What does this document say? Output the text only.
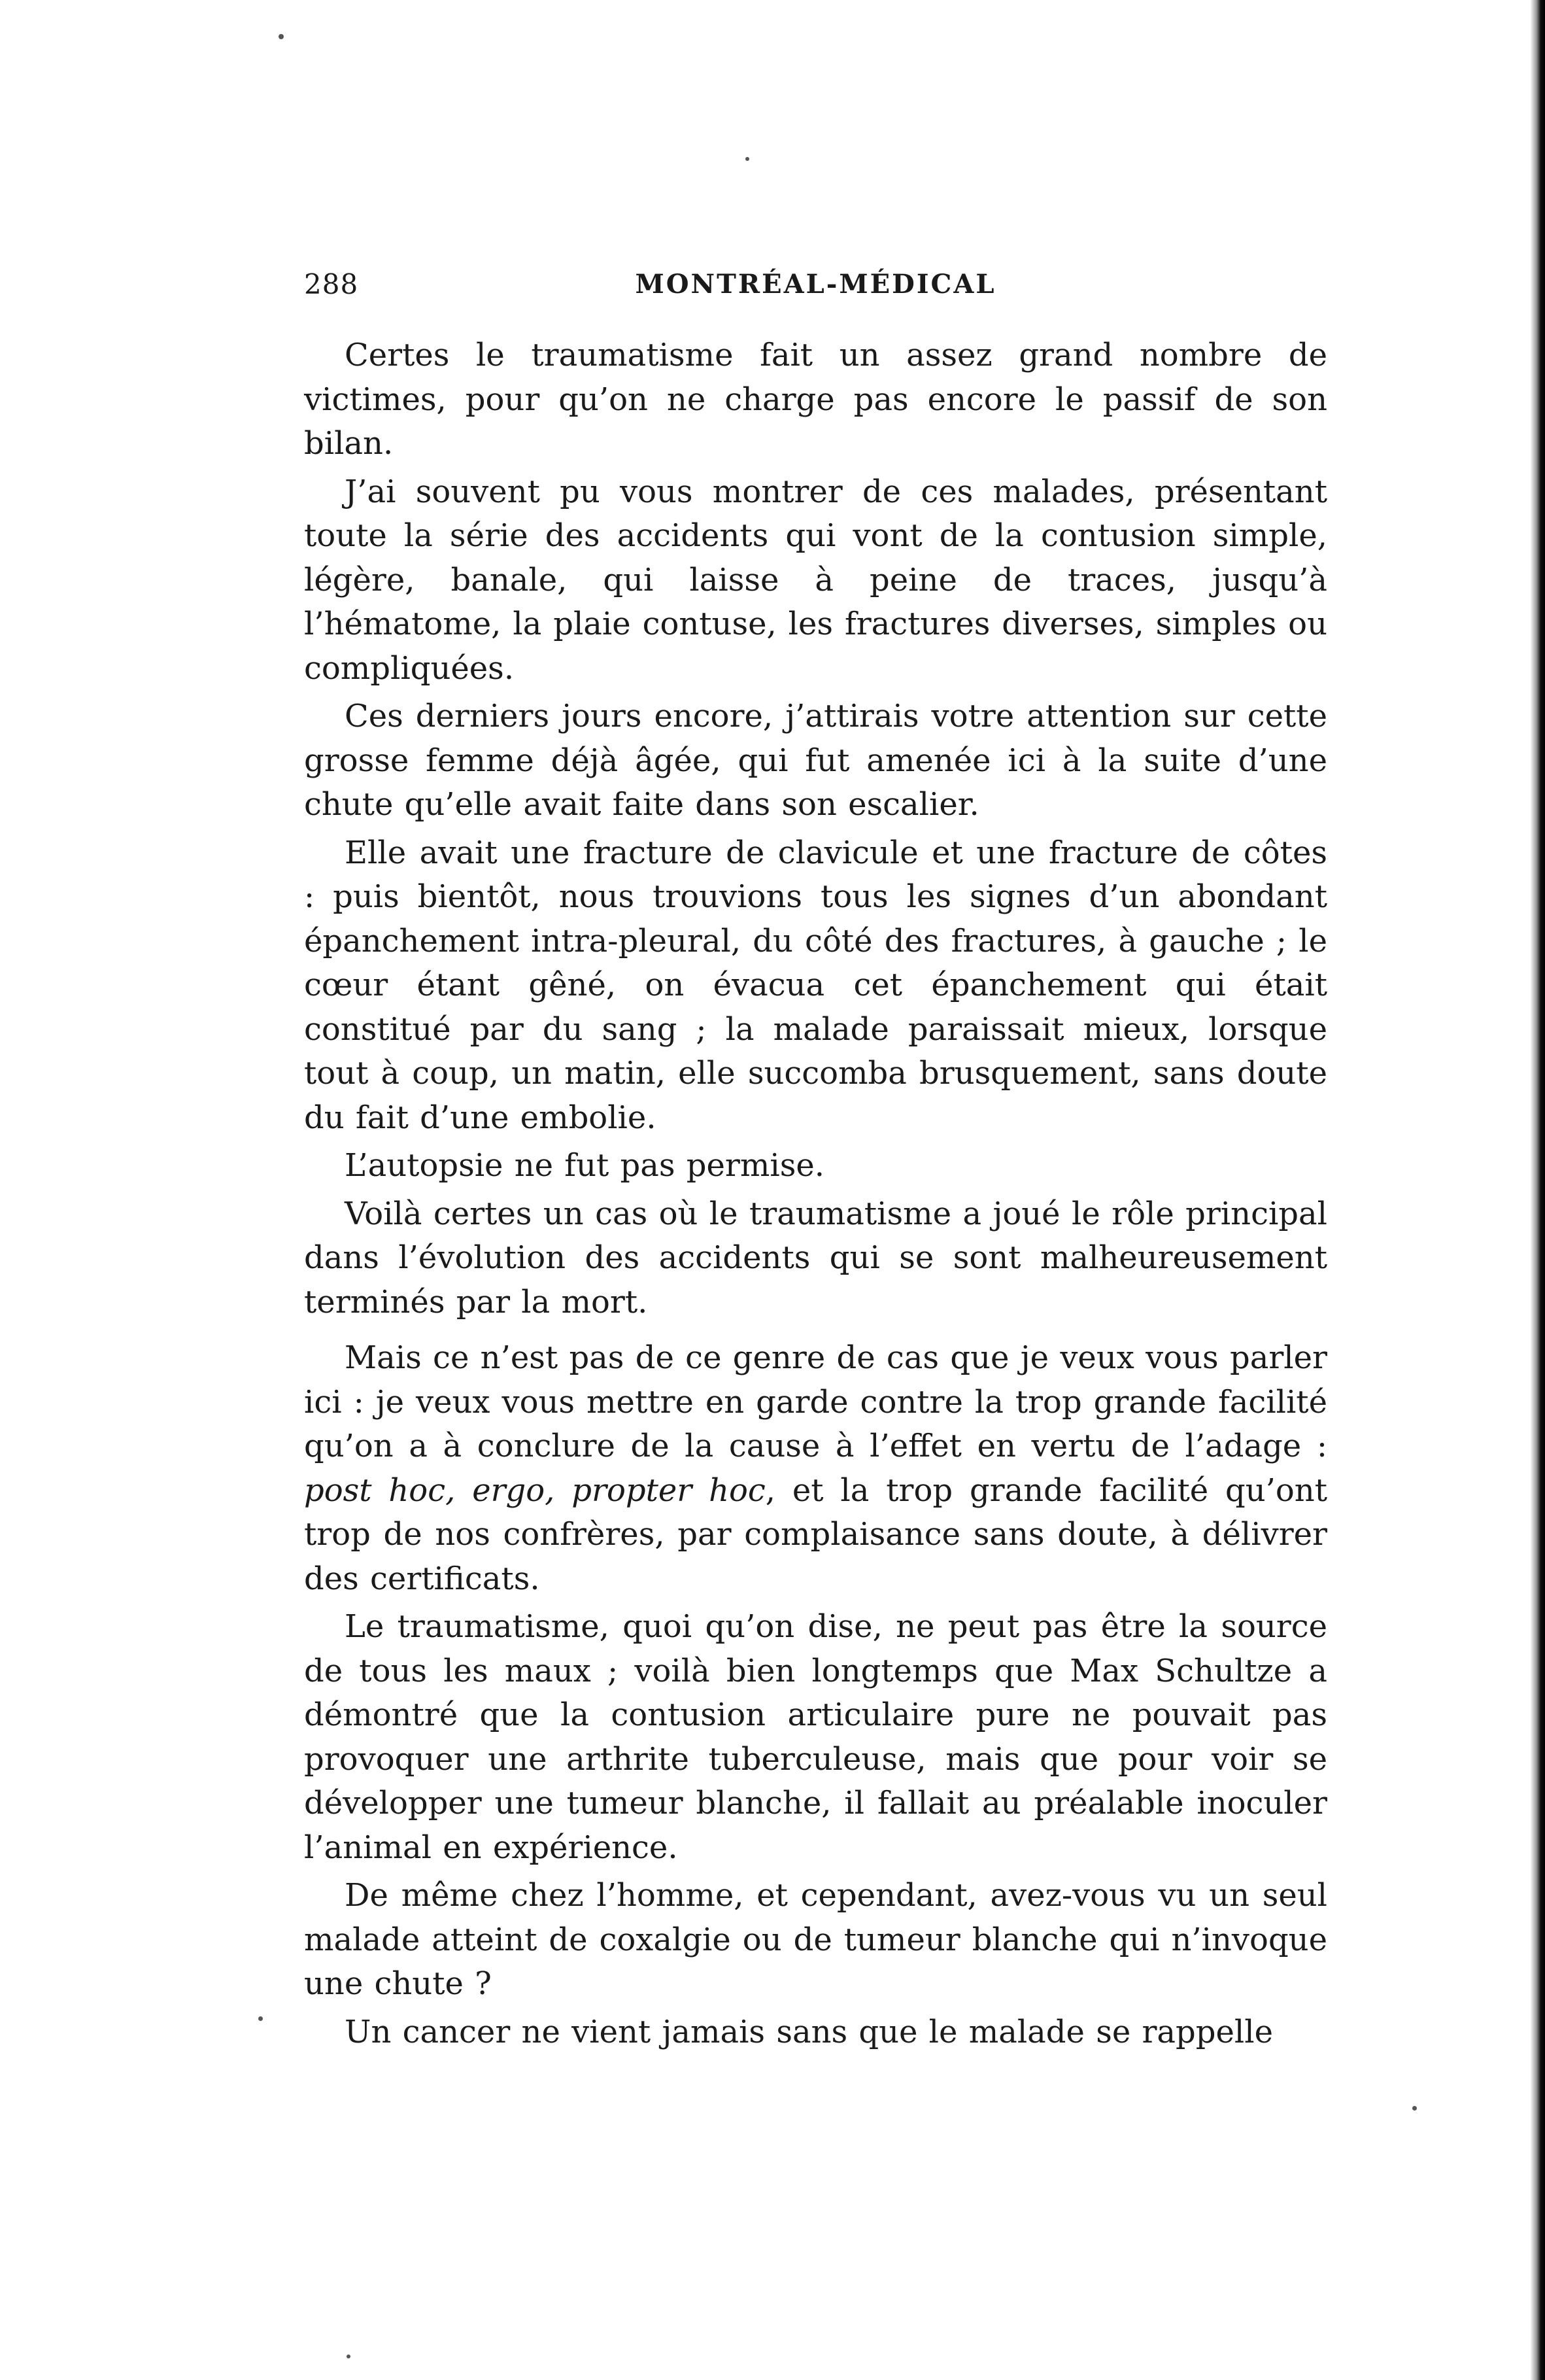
288	MONTRÉAL-MÉDICAL

Certes le traumatisme fait un assez grand nombre de victimes, pour qu’on ne charge pas encore le passif de son bilan.

J’ai souvent pu vous montrer de ces malades, présentant toute la série des accidents qui vont de la contusion simple, légère, banale, qui laisse à peine de traces, jusqu’à l’hématome, la plaie contuse, les fractures diverses, simples ou compliquées.

Ces derniers jours encore, j’attirais votre attention sur cette grosse femme déjà âgée, qui fut amenée ici à la suite d’une chute qu’elle avait faite dans son escalier.

Elle avait une fracture de clavicule et une fracture de côtes : puis bientôt, nous trouvions tous les signes d’un abondant épanchement intra-pleural, du côté des fractures, à gauche ; le cœur étant gêné, on évacua cet épanchement qui était constitué par du sang ; la malade paraissait mieux, lorsque tout à coup, un matin, elle succomba brusquement, sans doute du fait d’une embolie.

L’autopsie ne fut pas permise.

Voilà certes un cas où le traumatisme a joué le rôle principal dans l’évolution des accidents qui se sont malheureusement terminés par la mort.

Mais ce n’est pas de ce genre de cas que je veux vous parler ici : je veux vous mettre en garde contre la trop grande facilité qu’on a à conclure de la cause à l’effet en vertu de l’adage : post hoc, ergo, propter hoc, et la trop grande facilité qu’ont trop de nos confrères, par complaisance sans doute, à délivrer des certificats.

Le traumatisme, quoi qu’on dise, ne peut pas être la source de tous les maux ; voilà bien longtemps que Max Schultze a démontré que la contusion articulaire pure ne pouvait pas provoquer une arthrite tuberculeuse, mais que pour voir se développer une tumeur blanche, il fallait au préalable inoculer l’animal en expérience.

De même chez l’homme, et cependant, avez-vous vu un seul malade atteint de coxalgie ou de tumeur blanche qui n’invoque une chute ?

Un cancer ne vient jamais sans que le malade se rappelle
